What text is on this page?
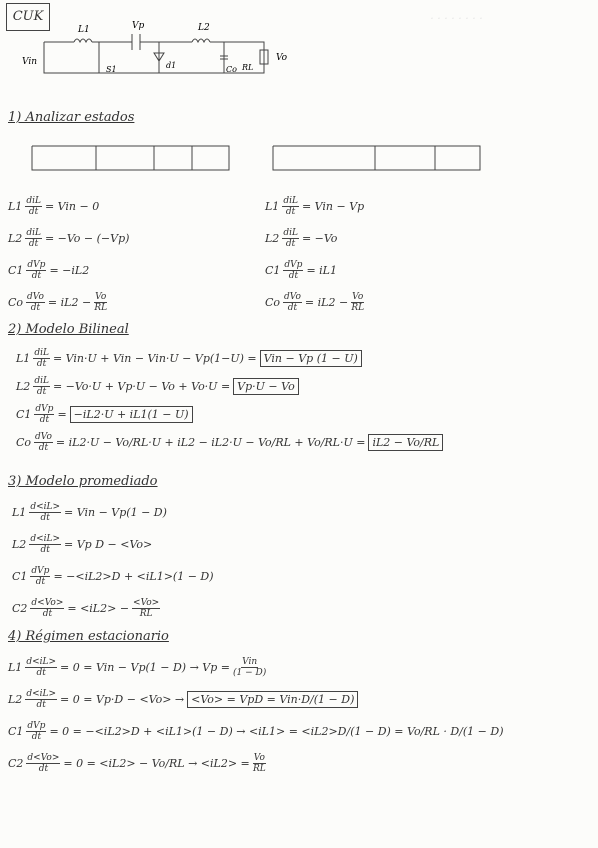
· · · · · · · ·
CUK
Vin
L1	Vp	L2
S1	d1	Co RL
Vo
1) Analizar estados
$L1 \frac{\text{diL}}{dt}$ = Vin − 0
$L2 \frac{\text{diL}}{dt} = -Vo - (-Vp)$
$C1 \frac{\text{dVp}}{dt} = -iL2$
Co $\frac{\text{dVo}}{dt} = iL2 - \frac{Vo}{RL}$
$L1 \frac{\text{diL}}{dt}$ = Vin − Vp
$L2 \frac{\text{diL}}{dt} = -Vo$
$C1 \frac{\text{dVp}}{dt} = iL1$
Co $\frac{\text{dVo}}{dt} = iL2 - \frac{Vo}{RL}$
2) Modelo Bilineal
$L1 \frac{\text{diL}}{dt} = Vin\cdot U$ + Vin − Vin·U − Vp(1−U) = Vin − Vp (1 − U)
$L2 \frac{\text{diL}}{dt} = -Vo\cdot U + Vp\cdot U - Vo + Vo\cdot U = Vp\cdot U - Vo$
$C1 \frac{\text{dVp}}{dt} = -iL2\cdot U + iL1(1 - U)$
Co $\frac{\text{dVo}}{dt} = iL2\cdot U - Vo/RL\cdot U + iL2 - iL2\cdot U - Vo/RL + Vo/RL\cdot U = iL2 - Vo/RL$
3) Modelo promediado
$L1 \frac{d<iL>}{dt}$ = Vin − Vp(1 − D)
$L2 \frac{d<iL>}{dt} = Vp$ D − <Vo>
$C1 \frac{\text{dVp}}{dt} = -<iL2>D + <iL1>(1 - D)$
$C2 \frac{d<Vo>}{dt} = <iL2> - \frac{<Vo>}{RL}$
4) Régimen estacionario
$L1 \frac{d<iL>}{dt} = 0$ = Vin − $Vp(1 - D) \to Vp = \frac{\text{Vin}}{(1 - D)}$
$L2 \frac{d<iL>}{dt} = 0 = Vp\cdot D - <Vo> \to <Vo>$ = VpD = Vin·D/(1 − D)
$C1 \frac{\text{dVp}}{dt} = 0 = -<iL2>D + <iL1>(1 - D) \to <iL1> = <iL2>D/(1 - D) = Vo/RL \cdot D/(1 - D)$
$C2 \frac{d<Vo>}{dt} = 0 = <iL2> - Vo/RL \to <iL2> = \frac{Vo}{RL}$
